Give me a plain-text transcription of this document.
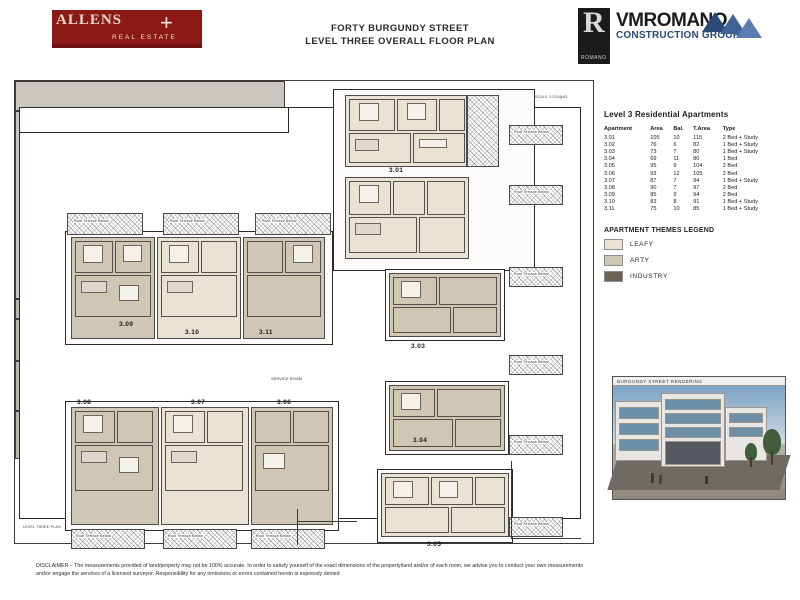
ALLENS +
REAL ESTATE
FORTY BURGUNDY STREET
LEVEL THREE OVERALL FLOOR PLAN
R
ROMANO
VMROMANO
CONSTRUCTION GROUP
3.01
3.03
3.04
3.05
3.09
3.10	3.11
3.08	3.07	3.06
SERVICE ROOM
Roof Terrace Below	Roof Terrace Below	Roof Terrace Below
Roof Terrace Below	Roof Terrace Below	Roof Terrace Below
Roof Terrace Below
Roof Terrace Below
Roof Terrace Below
Roof Terrace Below
Roof Terrace Below
Roof Terrace Below
SCALE 1:200@A3
LEVEL THREE PLAN
Level 3 Residential Apartments
Apartment	Area	Bal.	T.Area	Type
3.01	105	10	115	2 Bed + Study
3.02	76	6	82	1 Bed + Study
3.03	73	7	80	1 Bed + Study
3.04	69	11	80	1 Bed
3.05	95	9	104	2 Bed
3.06	93	12	105	2 Bed
3.07	87	7	94	1 Bed + Study
3.08	90	7	97	2 Bed
3.09	85	9	94	2 Bed
3.10	83	8	91	1 Bed + Study
3.11	75	10	85	1 Bed + Study
APARTMENT THEMES LEGEND
LEAFY
ARTY
INDUSTRY
BURGUNDY STREET RENDERING
DISCLAIMER – The measurements provided of land/property may not be 100% accurate. In order to satisfy yourself of the exact dimensions of the property/land and/or of each room, we advise you to conduct your own measurements
and/or engage the services of a licensed surveyor. Responsibility for any omissions or errors contained herein is expressly denied
